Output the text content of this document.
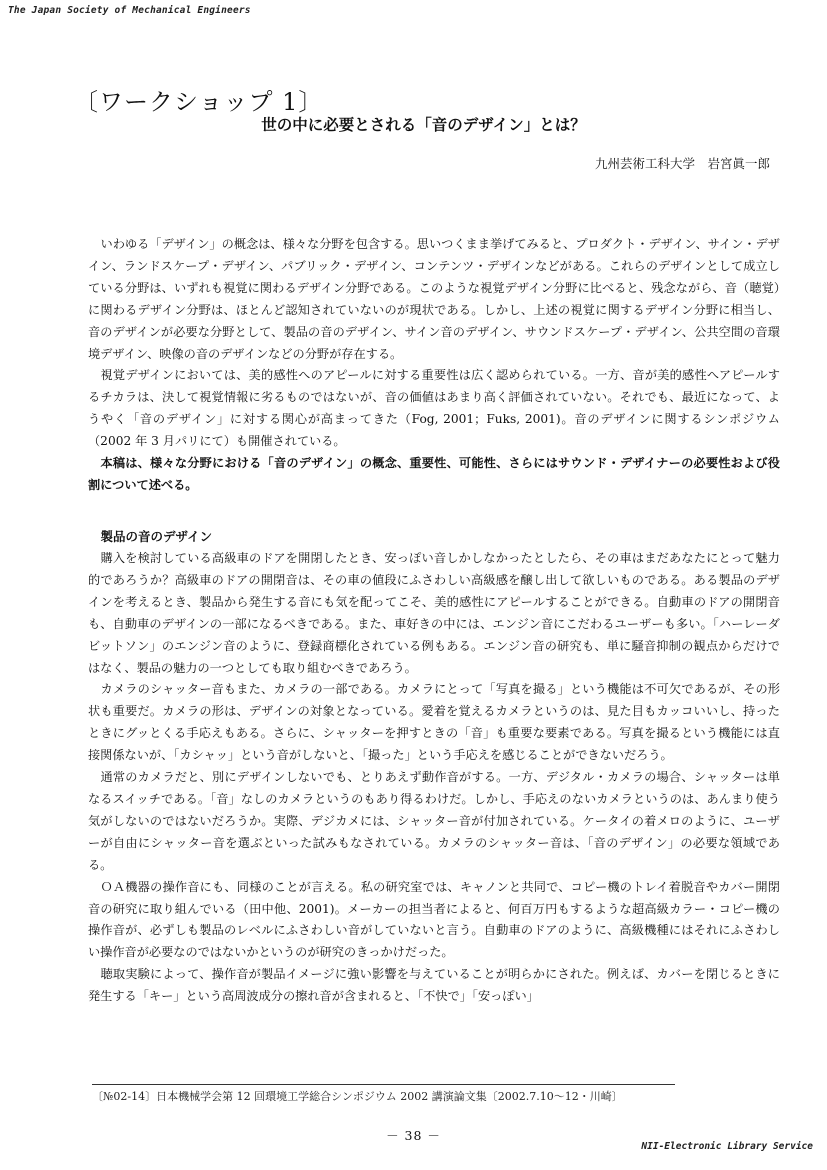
The Japan Society of Mechanical Engineers
〔ワークショップ 1〕
世の中に必要とされる「音のデザイン」とは？
九州芸術工科大学　岩宮眞一郎

いわゆる「デザイン」の概念は、様々な分野を包含する。思いつくまま挙げてみると、プロダクト・デザイン、サイン・デザイン、ランドスケープ・デザイン、パブリック・デザイン、コンテンツ・デザインなどがある。これらのデザインとして成立している分野は、いずれも視覚に関わるデザイン分野である。このような視覚デザイン分野に比べると、残念ながら、音（聴覚）に関わるデザイン分野は、ほとんど認知されていないのが現状である。しかし、上述の視覚に関するデザイン分野に相当し、音のデザインが必要な分野として、製品の音のデザイン、サイン音のデザイン、サウンドスケープ・デザイン、公共空間の音環境デザイン、映像の音のデザインなどの分野が存在する。

視覚デザインにおいては、美的感性へのアピールに対する重要性は広く認められている。一方、音が美的感性へアピールするチカラは、決して視覚情報に劣るものではないが、音の価値はあまり高く評価されていない。それでも、最近になって、ようやく「音のデザイン」に対する関心が高まってきた（Fog, 2001；Fuks, 2001)。音のデザインに関するシンポジウム（2002 年 3 月パリにて）も開催されている。

本稿は、様々な分野における「音のデザイン」の概念、重要性、可能性、さらにはサウンド・デザイナーの必要性および役割について述べる。

製品の音のデザイン

購入を検討している高級車のドアを開閉したとき、安っぽい音しかしなかったとしたら、その車はまだあなたにとって魅力的であろうか？高級車のドアの開閉音は、その車の値段にふさわしい高級感を醸し出して欲しいものである。ある製品のデザインを考えるとき、製品から発生する音にも気を配ってこそ、美的感性にアピールすることができる。自動車のドアの開閉音も、自動車のデザインの一部になるべきである。また、車好きの中には、エンジン音にこだわるユーザーも多い。「ハーレーダビットソン」のエンジン音のように、登録商標化されている例もある。エンジン音の研究も、単に騒音抑制の観点からだけではなく、製品の魅力の一つとしても取り組むべきであろう。

カメラのシャッター音もまた、カメラの一部である。カメラにとって「写真を撮る」という機能は不可欠であるが、その形状も重要だ。カメラの形は、デザインの対象となっている。愛着を覚えるカメラというのは、見た目もカッコいいし、持ったときにグッとくる手応えもある。さらに、シャッターを押すときの「音」も重要な要素である。写真を撮るという機能には直接関係ないが、「カシャッ」という音がしないと、「撮った」という手応えを感じることができないだろう。

通常のカメラだと、別にデザインしないでも、とりあえず動作音がする。一方、デジタル・カメラの場合、シャッターは単なるスイッチである。「音」なしのカメラというのもあり得るわけだ。しかし、手応えのないカメラというのは、あんまり使う気がしないのではないだろうか。実際、デジカメには、シャッター音が付加されている。ケータイの着メロのように、ユーザーが自由にシャッター音を選ぶといった試みもなされている。カメラのシャッター音は、「音のデザイン」の必要な領域である。

ＯＡ機器の操作音にも、同様のことが言える。私の研究室では、キャノンと共同で、コピー機のトレイ着脱音やカバー開閉音の研究に取り組んでいる（田中他、2001)。メーカーの担当者によると、何百万円もするような超高級カラー・コピー機の操作音が、必ずしも製品のレベルにふさわしい音がしていないと言う。自動車のドアのように、高級機種にはそれにふさわしい操作音が必要なのではないかというのが研究のきっかけだった。

聴取実験によって、操作音が製品イメージに強い影響を与えていることが明らかにされた。例えば、カバーを閉じるときに発生する「キー」という高周波成分の擦れ音が含まれると、「不快で」「安っぽい」

〔№02-14〕日本機械学会第 12 回環境工学総合シンポジウム 2002 講演論文集〔2002.7.10〜12・川崎〕
－ 38 －
NII-Electronic Library Service
